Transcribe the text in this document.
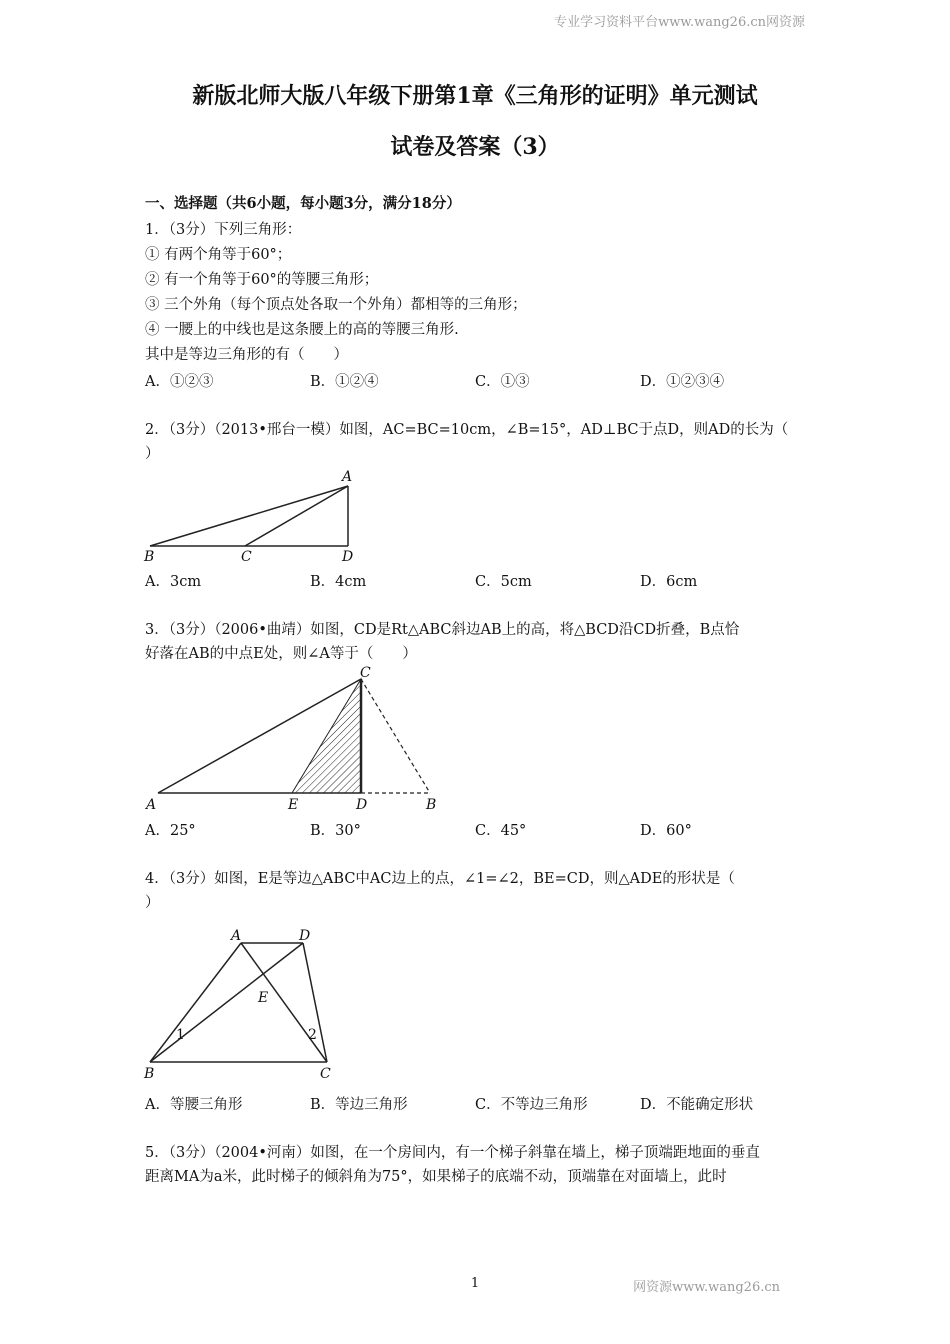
专业学习资料平台www.wang26.cn网资源
新版北师大版八年级下册第1章《三角形的证明》单元测试
试卷及答案（3）
一、选择题（共6小题，每小题3分，满分18分）
1．（3分）下列三角形：
① 有两个角等于60°；
② 有一个角等于60°的等腰三角形；
③ 三个外角（每个顶点处各取一个外角）都相等的三角形；
④ 一腰上的中线也是这条腰上的高的等腰三角形.
其中是等边三角形的有（　　）
A．①②③	B．①②④	C．①③	D．①②③④
2．（3分）（2013•邢台一模）如图，AC=BC=10cm，∠B=15°，AD⊥BC于点D，则AD的长为（
）
A
B	C	D
A．3cm	B．4cm	C．5cm	D．6cm
3．（3分）（2006•曲靖）如图，CD是Rt△ABC斜边AB上的高，将△BCD沿CD折叠，B点恰
好落在AB的中点E处，则∠A等于（　　）
C
A	E	D	B
A．25°	B．30°	C．45°	D．60°
4．（3分）如图，E是等边△ABC中AC边上的点，∠1=∠2，BE=CD，则△ADE的形状是（
）
A	D
E
B	C
1	2
A．等腰三角形	B．等边三角形	C．不等边三角形	D．不能确定形状
5．（3分）（2004•河南）如图，在一个房间内，有一个梯子斜靠在墙上，梯子顶端距地面的垂直
距离MA为a米，此时梯子的倾斜角为75°，如果梯子的底端不动，顶端靠在对面墙上，此时
1	网资源www.wang26.cn
